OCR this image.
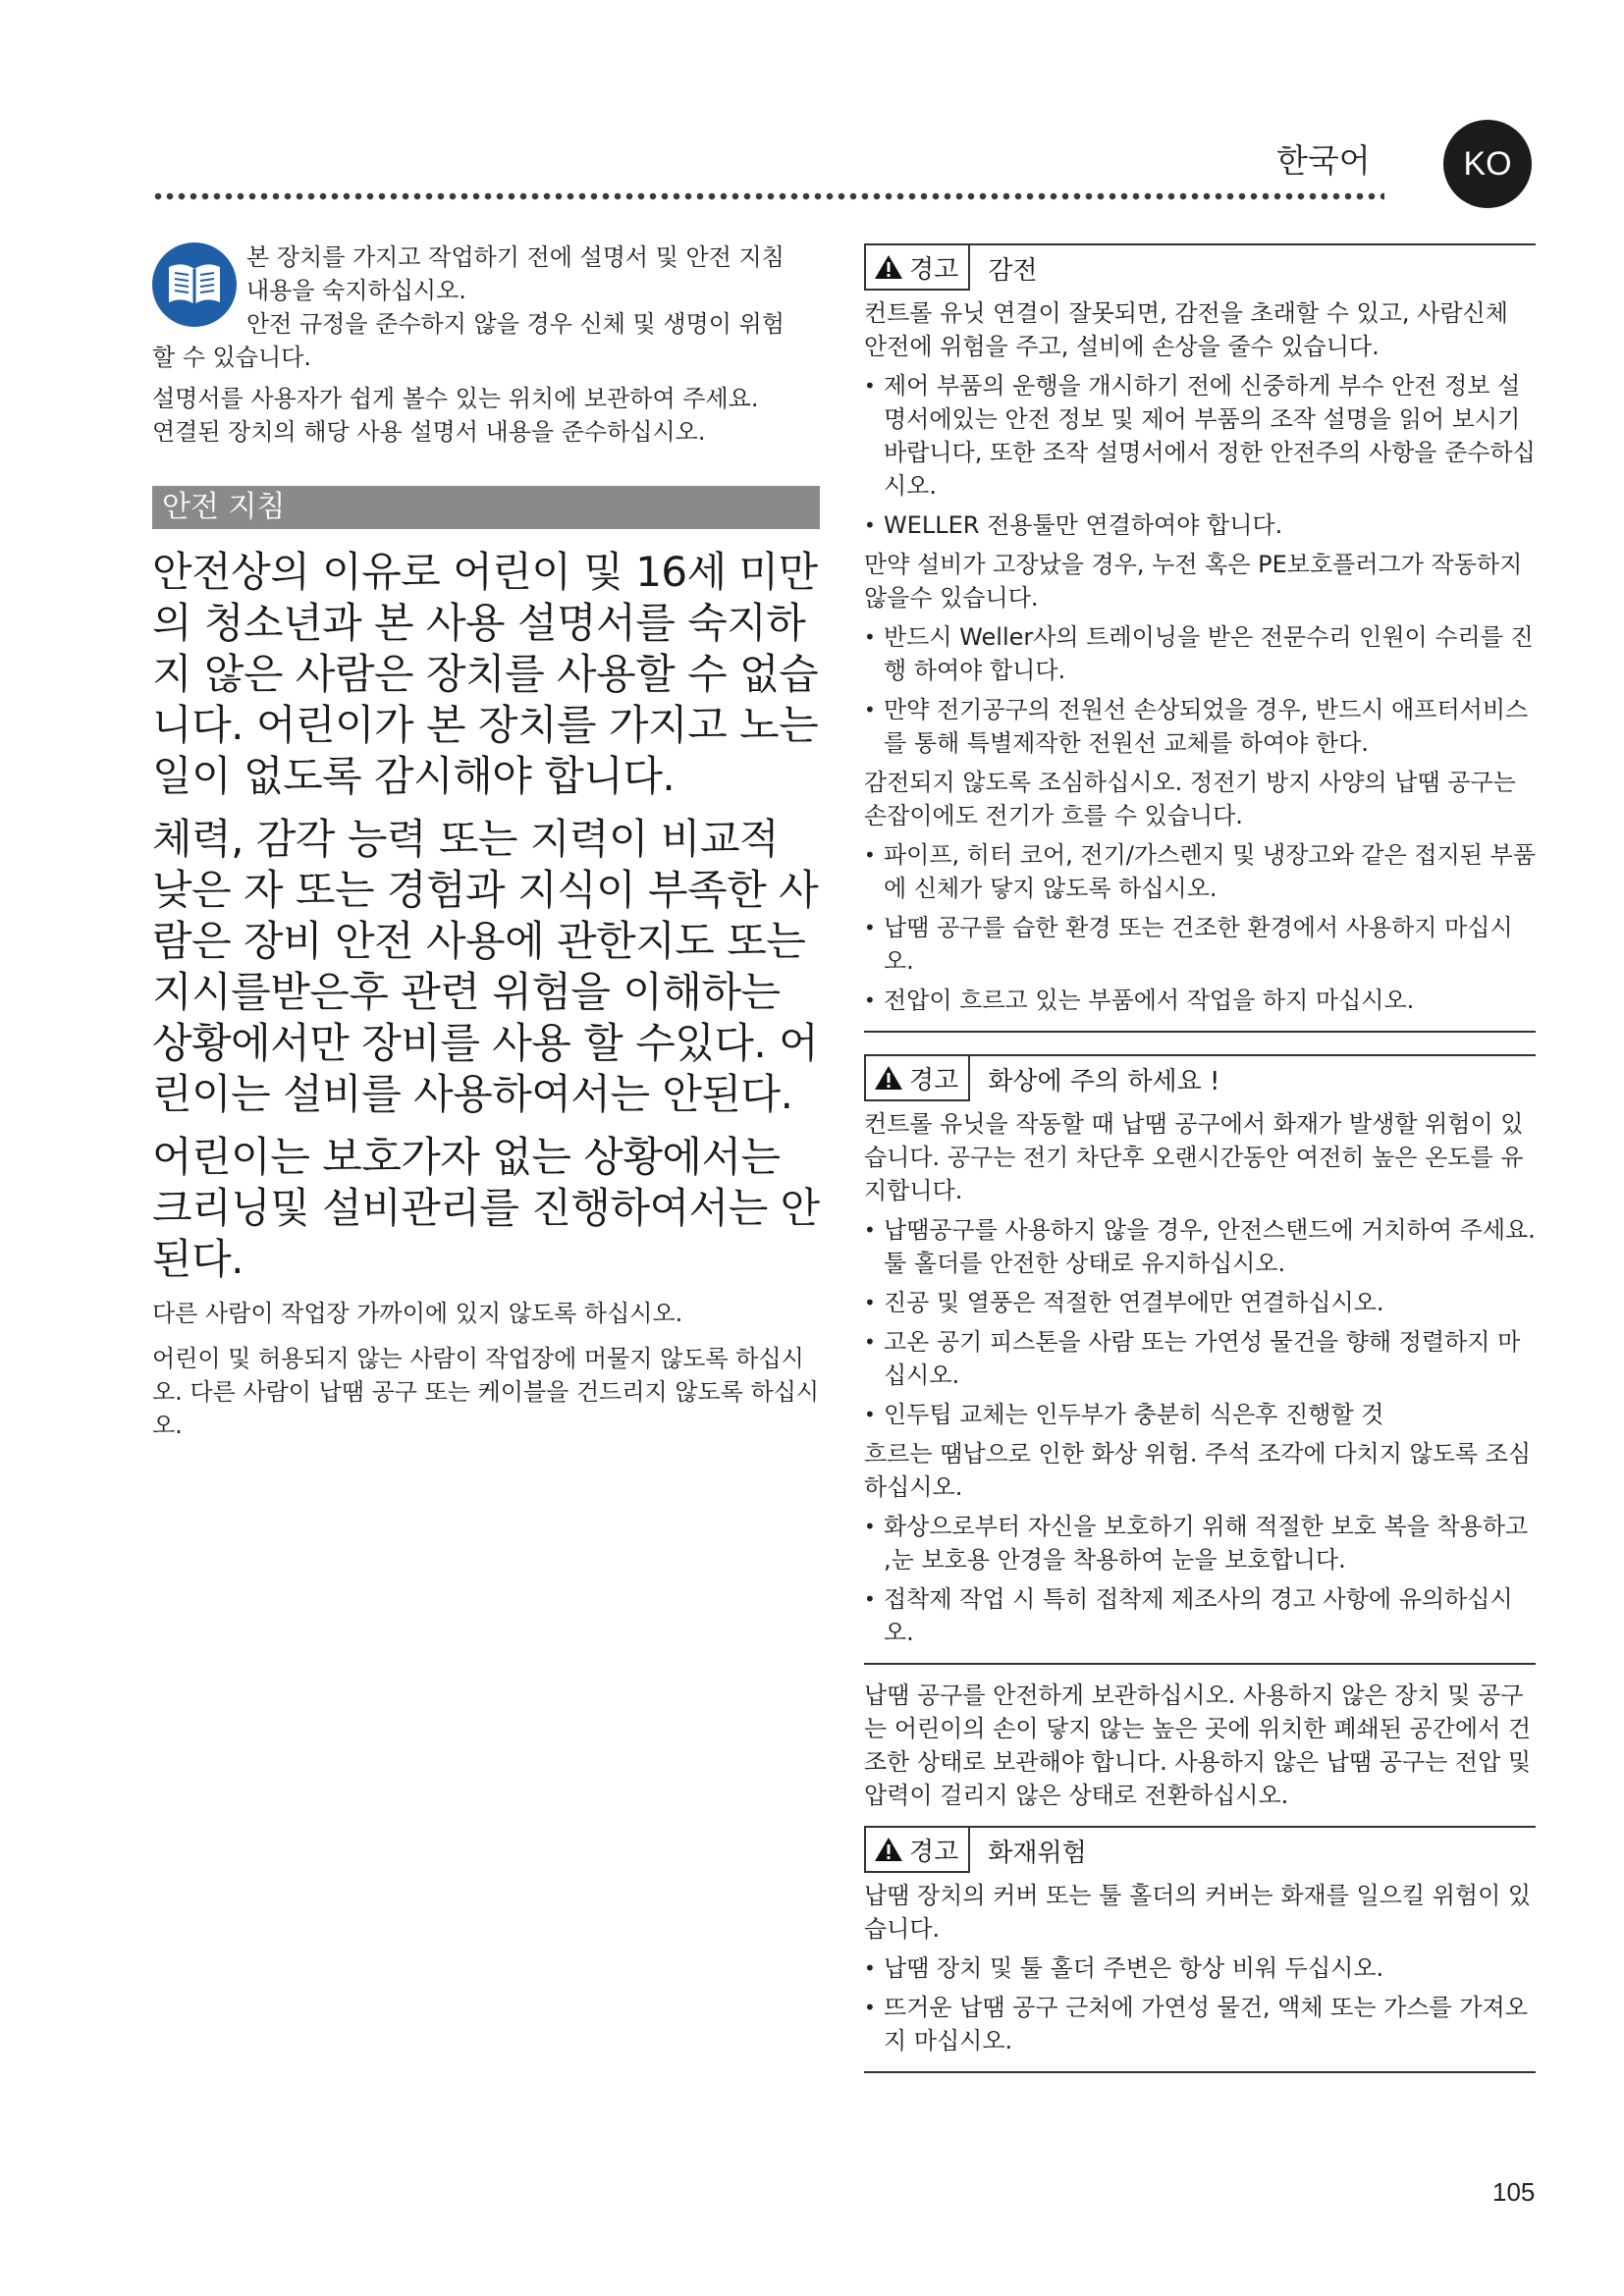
한국어	KO
본 장치를 가지고 작업하기 전에 설명서 및 안전 지침
내용을 숙지하십시오.
안전 규정을 준수하지 않을 경우 신체 및 생명이 위험
할 수 있습니다.
설명서를 사용자가 쉽게 볼수 있는 위치에 보관하여 주세요.
연결된 장치의 해당 사용 설명서 내용을 준수하십시오.
안전 지침
안전상의 이유로 어린이 및 16세 미만의 청소년과 본 사용 설명서를 숙지하지 않은 사람은 장치를 사용할 수 없습니다. 어린이가 본 장치를 가지고 노는 일이 없도록 감시해야 합니다.
체력, 감각 능력 또는 지력이 비교적 낮은 자 또는 경험과 지식이 부족한 사람은 장비 안전 사용에 관한지도 또는 지시를받은후 관련 위험을 이해하는 상황에서만 장비를 사용 할 수있다. 어린이는 설비를 사용하여서는 안된다.
어린이는 보호가자 없는 상황에서는 크리닝및 설비관리를 진행하여서는 안된다.
다른 사람이 작업장 가까이에 있지 않도록 하십시오.
어린이 및 허용되지 않는 사람이 작업장에 머물지 않도록 하십시오. 다른 사람이 납땜 공구 또는 케이블을 건드리지 않도록 하십시오.
경고	감전
컨트롤 유닛 연결이 잘못되면, 감전을 초래할 수 있고, 사람신체 안전에 위험을 주고, 설비에 손상을 줄수 있습니다.
• 제어 부품의 운행을 개시하기 전에 신중하게 부수 안전 정보 설명서에있는 안전 정보 및 제어 부품의 조작 설명을 읽어 보시기 바랍니다, 또한 조작 설명서에서 정한 안전주의 사항을 준수하십시오.
• WELLER 전용툴만 연결하여야 합니다.
만약 설비가 고장났을 경우, 누전 혹은 PE보호플러그가 작동하지 않을수 있습니다.
• 반드시 Weller사의 트레이닝을 받은 전문수리 인원이 수리를 진행 하여야 합니다.
• 만약 전기공구의 전원선 손상되었을 경우, 반드시 애프터서비스를 통해 특별제작한 전원선 교체를 하여야 한다.
감전되지 않도록 조심하십시오. 정전기 방지 사양의 납땜 공구는 손잡이에도 전기가 흐를 수 있습니다.
• 파이프, 히터 코어, 전기/가스렌지 및 냉장고와 같은 접지된 부품에 신체가 닿지 않도록 하십시오.
• 납땜 공구를 습한 환경 또는 건조한 환경에서 사용하지 마십시오.
• 전압이 흐르고 있는 부품에서 작업을 하지 마십시오.
경고	화상에 주의 하세요 !
컨트롤 유닛을 작동할 때 납땜 공구에서 화재가 발생할 위험이 있습니다. 공구는 전기 차단후 오랜시간동안 여전히 높은 온도를 유지합니다.
• 납땜공구를 사용하지 않을 경우, 안전스탠드에 거치하여 주세요. 툴 홀더를 안전한 상태로 유지하십시오.
• 진공 및 열풍은 적절한 연결부에만 연결하십시오.
• 고온 공기 피스톤을 사람 또는 가연성 물건을 향해 정렬하지 마십시오.
• 인두팁 교체는 인두부가 충분히 식은후 진행할 것
흐르는 땜납으로 인한 화상 위험. 주석 조각에 다치지 않도록 조심하십시오.
• 화상으로부터 자신을 보호하기 위해 적절한 보호 복을 착용하고 ,눈 보호용 안경을 착용하여 눈을 보호합니다.
• 접착제 작업 시 특히 접착제 제조사의 경고 사항에 유의하십시오.
납땜 공구를 안전하게 보관하십시오. 사용하지 않은 장치 및 공구는 어린이의 손이 닿지 않는 높은 곳에 위치한 폐쇄된 공간에서 건조한 상태로 보관해야 합니다. 사용하지 않은 납땜 공구는 전압 및 압력이 걸리지 않은 상태로 전환하십시오.
경고	화재위험
납땜 장치의 커버 또는 툴 홀더의 커버는 화재를 일으킬 위험이 있습니다.
• 납땜 장치 및 툴 홀더 주변은 항상 비워 두십시오.
• 뜨거운 납땜 공구 근처에 가연성 물건, 액체 또는 가스를 가져오지 마십시오.
105
